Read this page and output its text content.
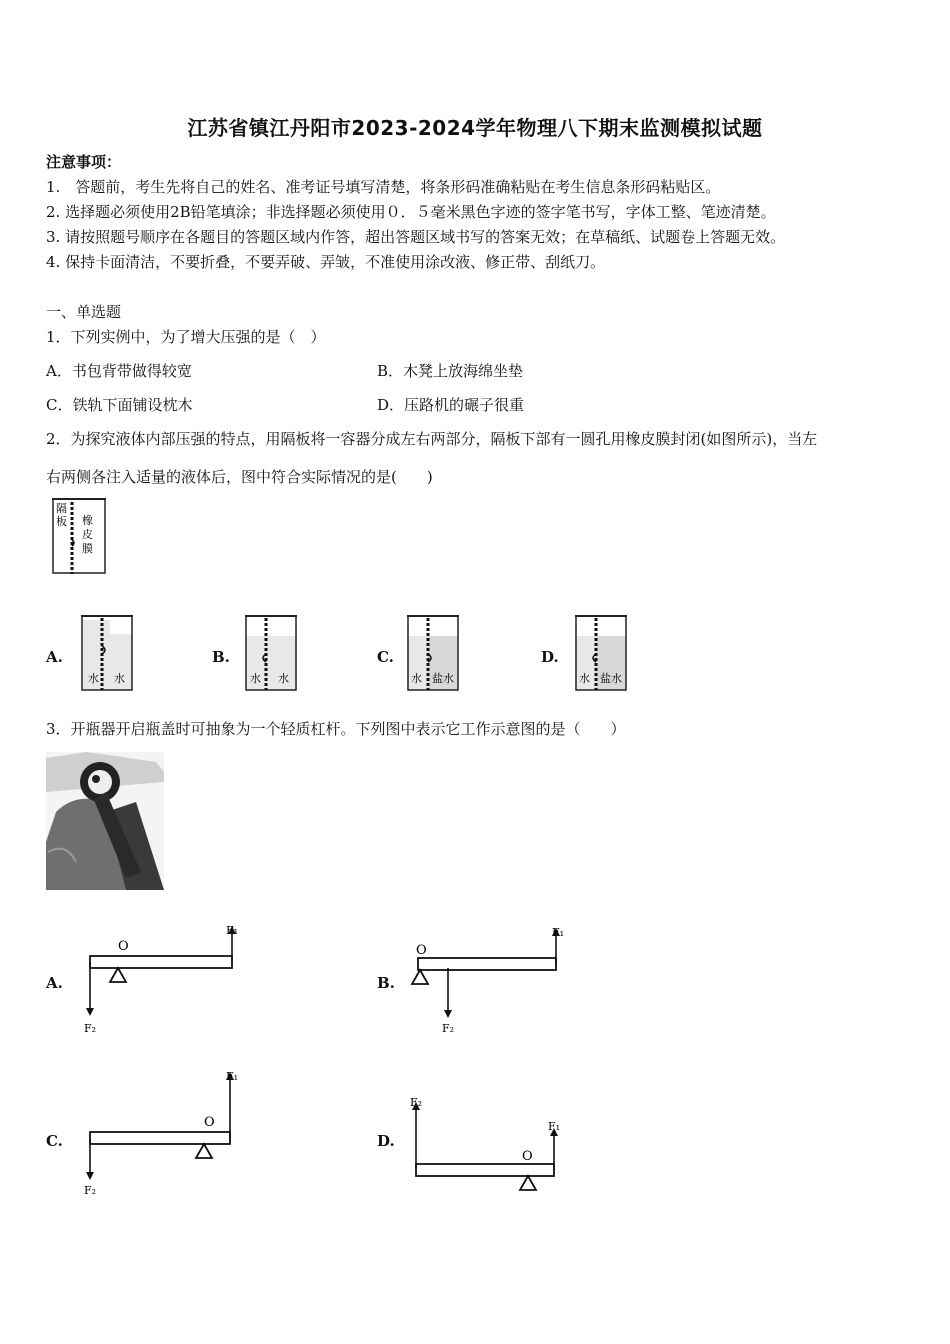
江苏省镇江丹阳市2023-2024学年物理八下期末监测模拟试题
注意事项：
1.　答题前，考生先将自己的姓名、准考证号填写清楚，将条形码准确粘贴在考生信息条形码粘贴区。
2. 选择题必须使用2B铅笔填涂；非选择题必须使用０．５毫米黑色字迹的签字笔书写，字体工整、笔迹清楚。
3. 请按照题号顺序在各题目的答题区域内作答，超出答题区域书写的答案无效；在草稿纸、试题卷上答题无效。
4. 保持卡面清洁，不要折叠，不要弄破、弄皱，不准使用涂改液、修正带、刮纸刀。
一、单选题
1．下列实例中，为了增大压强的是（　）
A．书包背带做得较宽	B．木凳上放海绵坐垫
C．铁轨下面铺设枕木	D．压路机的碾子很重
2．为探究液体内部压强的特点，用隔板将一容器分成左右两部分，隔板下部有一圆孔用橡皮膜封闭(如图所示)，当左
右两侧各注入适量的液体后，图中符合实际情况的是(　　)
隔
板 橡
皮
膜
A.
水 水
B.
水 水
C.
水 盐水
D.
水 盐水
3．开瓶器开启瓶盖时可抽象为一个轻质杠杆。下列图中表示它工作示意图的是（　　）
A.
O
F₁
F₂
B.
O
F₁
F₂
C.
O
F₁
F₂
D.
O
F₁
F₂
